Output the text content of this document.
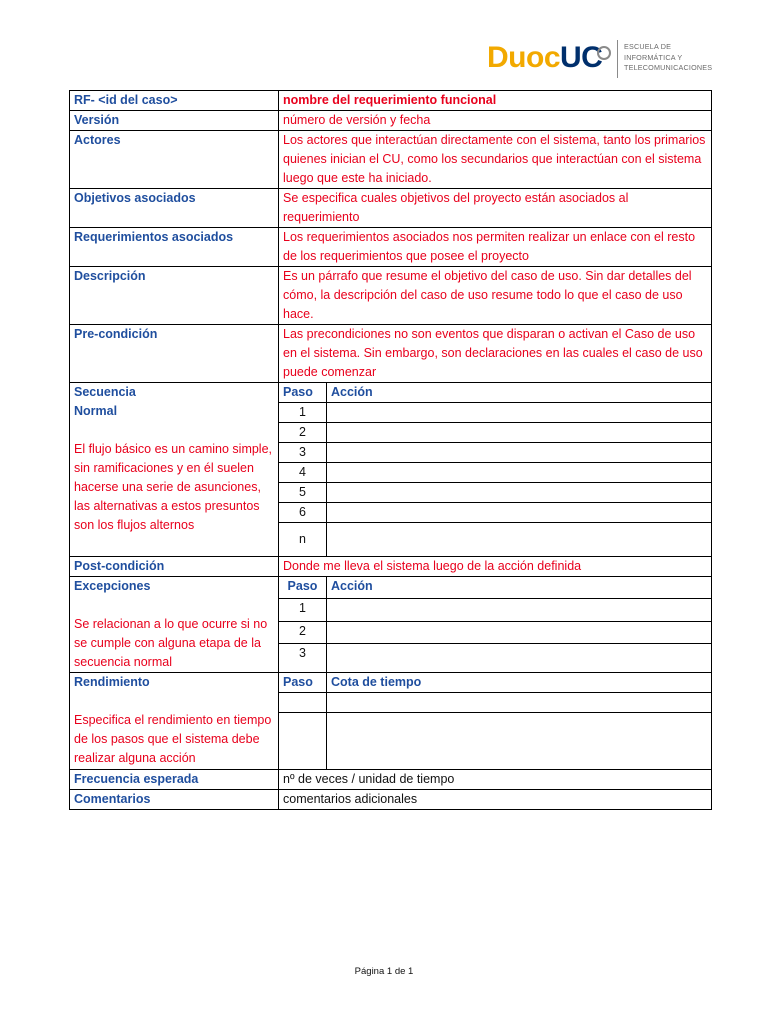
DuocUC	ESCUELA DE
INFORMÁTICA Y
TELECOMUNICACIONES
RF- <id del caso>	nombre del requerimiento funcional	
Versión	número de versión y fecha	
Actores	Los actores que interactúan directamente con el sistema, tanto los primarios quienes inician el CU, como los secundarios que interactúan con el sistema luego que este ha iniciado.	
Objetivos asociados	Se especifica cuales objetivos del proyecto están asociados al requerimiento	
Requerimientos asociados	Los requerimientos asociados nos permiten realizar un enlace con el resto de los requerimientos que posee el proyecto	
Descripción	Es un párrafo que resume el objetivo del caso de uso. Sin dar detalles del cómo, la descripción del caso de uso resume todo lo que el caso de uso hace.	
Pre-condición	Las precondiciones no son eventos que disparan o activan el Caso de uso en el sistema. Sin embargo, son declaraciones en las cuales el caso de uso puede comenzar	

Secuencia
Normal
El flujo básico es un camino simple, sin ramificaciones y en él suelen hacerse una serie de asunciones, las alternativas a estos presuntos son los flujos alternos	Paso	Acción
	1	
	2	
	3	
	4	
	5	
	6	
	n	
Post-condición	Donde me lleva el sistema luego de la acción definida	

Excepciones
Se relacionan a lo que ocurre si no se cumple con alguna etapa de la secuencia normal	Paso	Acción
	1	
	2	
	3	

Rendimiento
Especifica el rendimiento en tiempo de los pasos que el sistema debe realizar alguna acción	Paso	Cota de tiempo

Frecuencia esperada	nº de veces / unidad de tiempo	
Comentarios	comentarios adicionales	
Página 1 de 1
